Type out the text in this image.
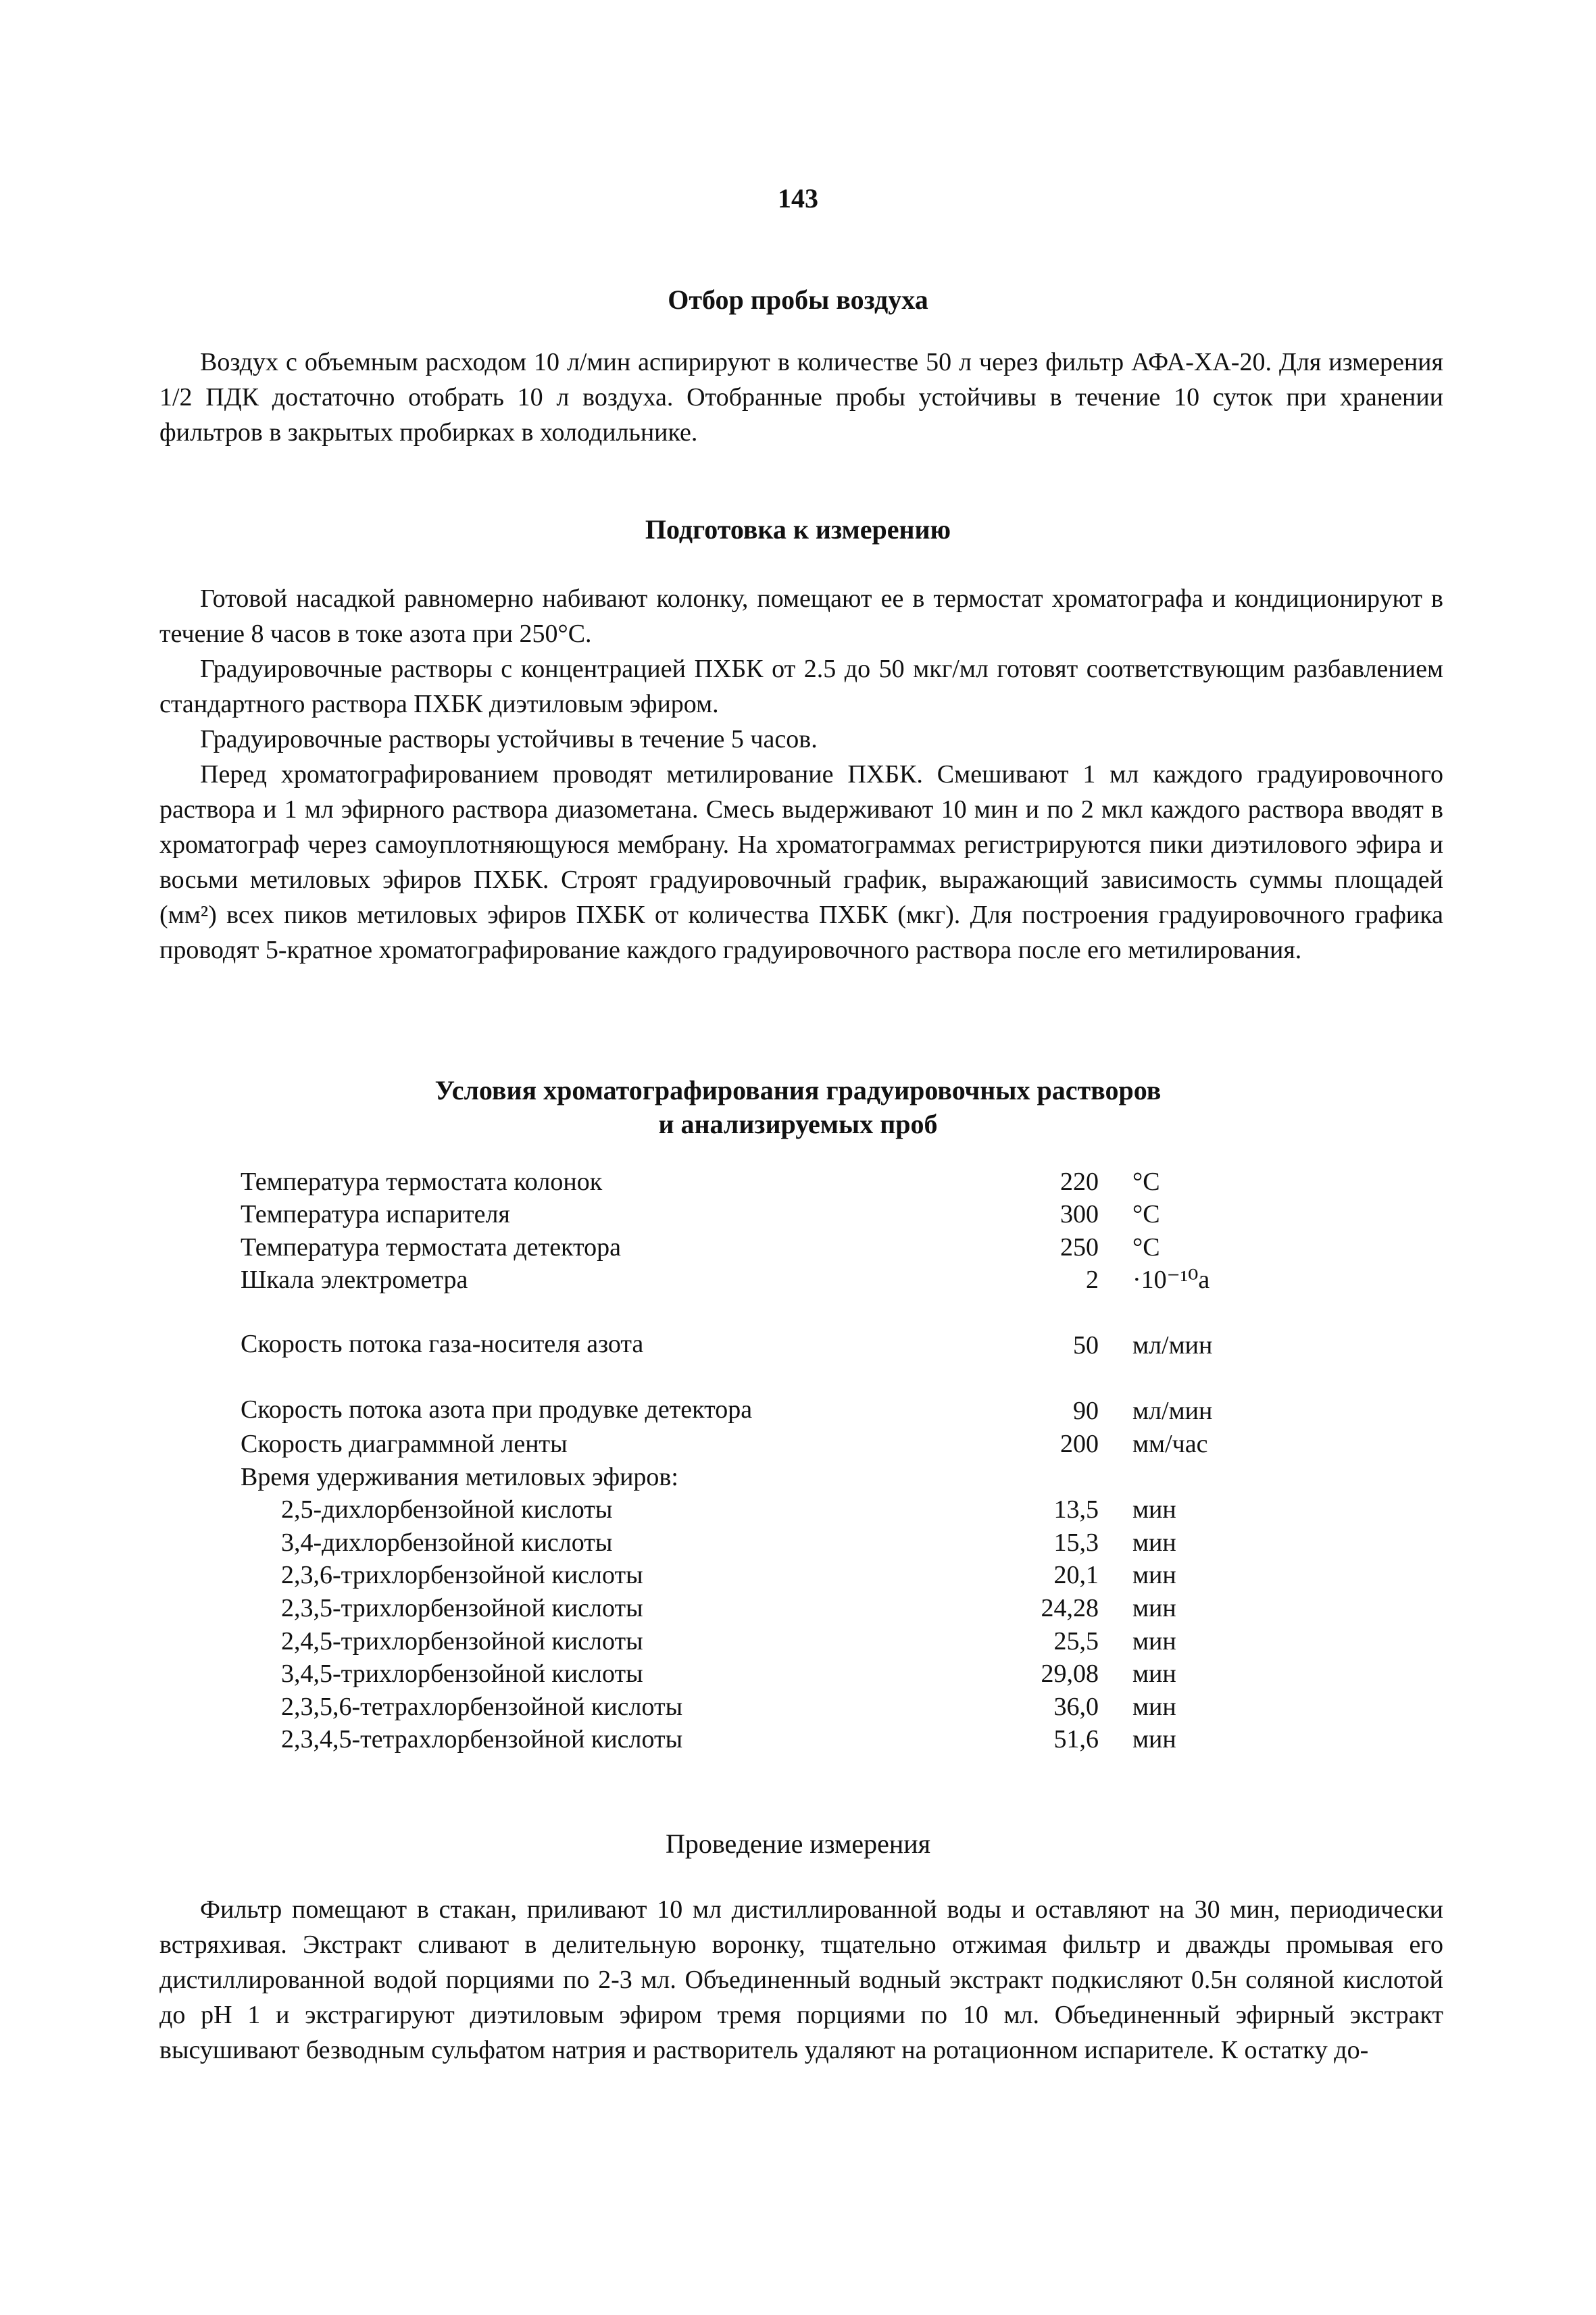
143
Отбор пробы воздуха

Воздух с объемным расходом 10 л/мин аспирируют в количестве 50 л через фильтр АФА-ХА-20. Для измерения 1/2 ПДК достаточно отобрать 10 л воздуха. Отобранные пробы устойчивы в течение 10 суток при хранении фильтров в закрытых пробирках в холодильнике.

Подготовка к измерению

Готовой насадкой равномерно набивают колонку, помещают ее в термостат хроматографа и кондиционируют в течение 8 часов в токе азота при 250°С.

Градуировочные растворы с концентрацией ПХБК от 2.5 до 50 мкг/мл готовят соответствующим разбавлением стандартного раствора ПХБК диэтиловым эфиром.

Градуировочные растворы устойчивы в течение 5 часов.

Перед хроматографированием проводят метилирование ПХБК. Смешивают 1 мл каждого градуировочного раствора и 1 мл эфирного раствора диазометана. Смесь выдерживают 10 мин и по 2 мкл каждого раствора вводят в хроматограф через самоуплотняющуюся мембрану. На хроматограммах регистрируются пики диэтилового эфира и восьми метиловых эфиров ПХБК. Строят градуировочный график, выражающий зависимость суммы площадей (мм²) всех пиков метиловых эфиров ПХБК от количества ПХБК (мкг). Для построения градуировочного графика проводят 5-кратное хроматографирование каждого градуировочного раствора после его метилирования.

Условия хроматографирования градуировочных растворов
и анализируемых проб
Температура термостата колонок	220	°С
Температура испарителя	300	°С
Температура термостата детектора	250	°С
Шкала электрометра	2	·10⁻¹⁰а
Скорость потока газа-носителя азота	50	мл/мин
Скорость потока азота при продувке детектора	90	мл/мин
Скорость диаграммной ленты	200	мм/час
Время удерживания метиловых эфиров:		
2,5-дихлорбензойной кислоты	13,5	мин
3,4-дихлорбензойной кислоты	15,3	мин
2,3,6-трихлорбензойной кислоты	20,1	мин
2,3,5-трихлорбензойной кислоты	24,28	мин
2,4,5-трихлорбензойной кислоты	25,5	мин
3,4,5-трихлорбензойной кислоты	29,08	мин
2,3,5,6-тетрахлорбензойной кислоты	36,0	мин
2,3,4,5-тетрахлорбензойной кислоты	51,6	мин
Проведение измерения

Фильтр помещают в стакан, приливают 10 мл дистиллированной воды и оставляют на 30 мин, периодически встряхивая. Экстракт сливают в делительную воронку, тщательно отжимая фильтр и дважды промывая его дистиллированной водой порциями по 2-3 мл. Объединенный водный экстракт подкисляют 0.5н соляной кислотой до pH 1 и экстрагируют диэтиловым эфиром тремя порциями по 10 мл. Объединенный эфирный экстракт высушивают безводным сульфатом натрия и растворитель удаляют на ротационном испарителе. К остатку до-
